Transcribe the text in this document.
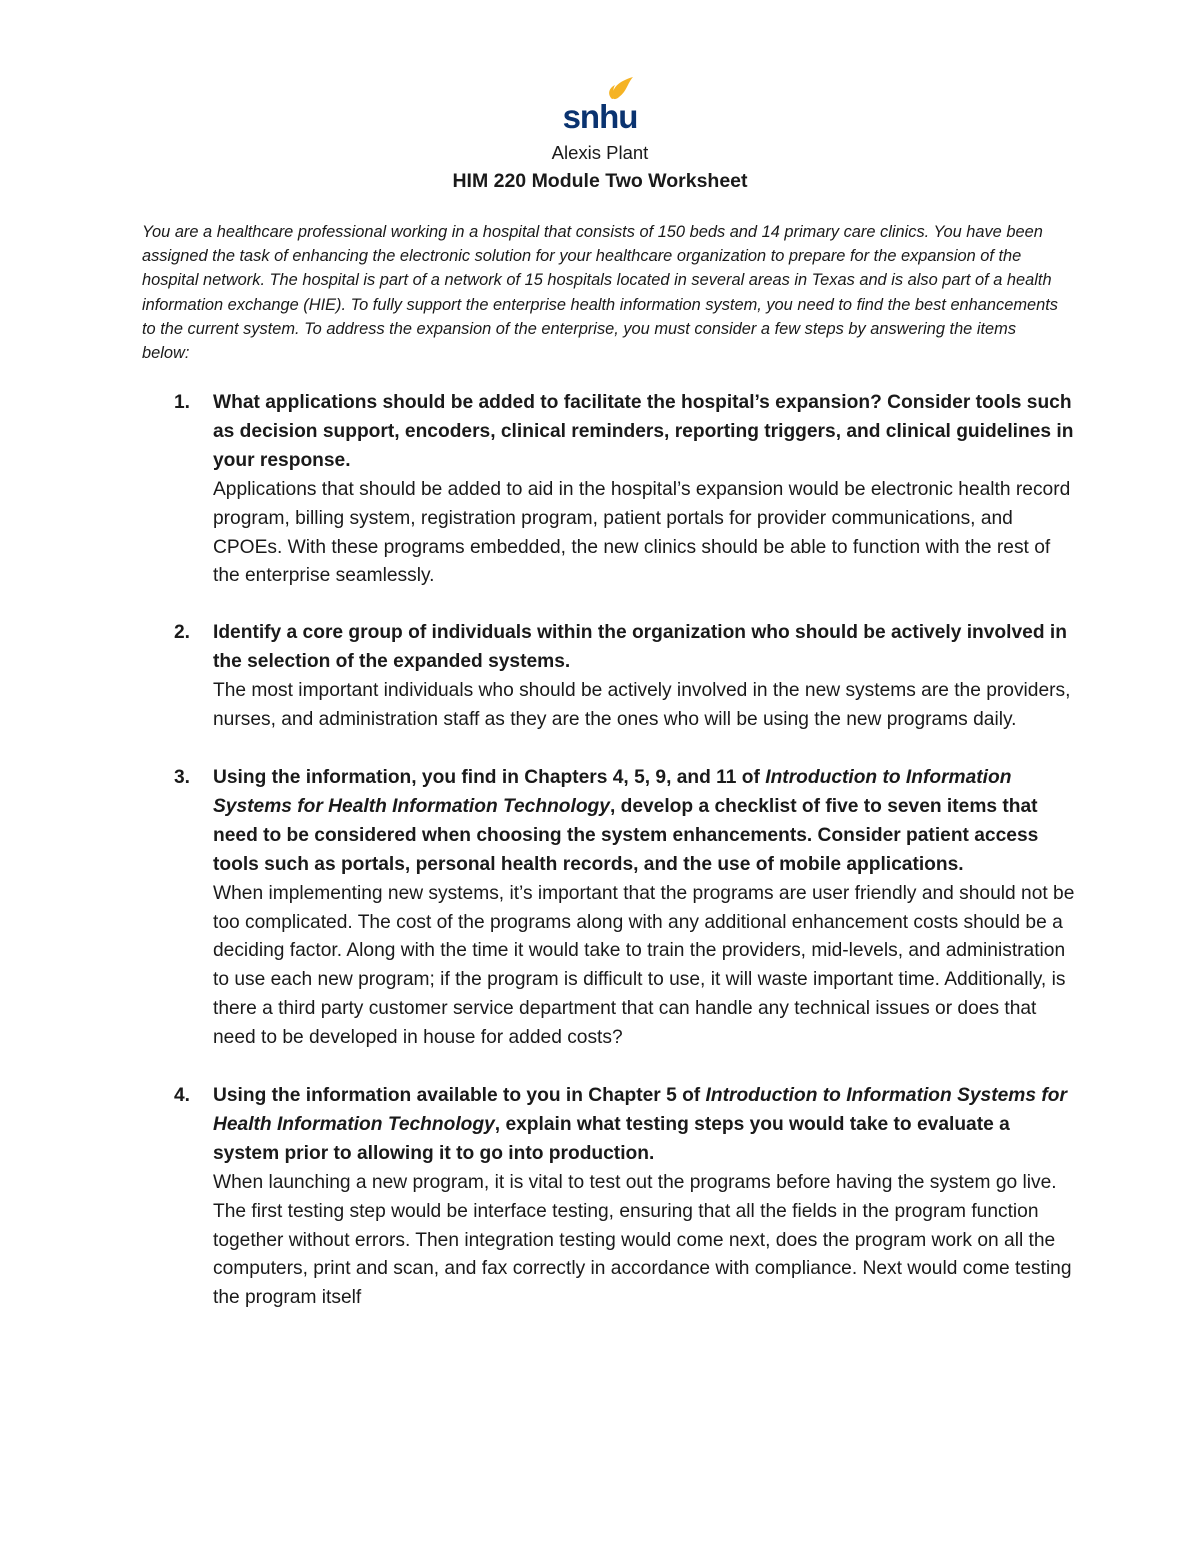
snhu
Alexis Plant
HIM 220 Module Two Worksheet

You are a healthcare professional working in a hospital that consists of 150 beds and 14 primary care clinics. You have been assigned the task of enhancing the electronic solution for your healthcare organization to prepare for the expansion of the hospital network. The hospital is part of a network of 15 hospitals located in several areas in Texas and is also part of a health information exchange (HIE). To fully support the enterprise health information system, you need to find the best enhancements to the current system. To address the expansion of the enterprise, you must consider a few steps by answering the items below:

1. What applications should be added to facilitate the hospital’s expansion? Consider tools such as decision support, encoders, clinical reminders, reporting triggers, and clinical guidelines in your response.
Applications that should be added to aid in the hospital’s expansion would be electronic health record program, billing system, registration program, patient portals for provider communications, and CPOEs. With these programs embedded, the new clinics should be able to function with the rest of the enterprise seamlessly.
2. Identify a core group of individuals within the organization who should be actively involved in the selection of the expanded systems.
The most important individuals who should be actively involved in the new systems are the providers, nurses, and administration staff as they are the ones who will be using the new programs daily.
3. Using the information, you find in Chapters 4, 5, 9, and 11 of Introduction to Information Systems for Health Information Technology, develop a checklist of five to seven items that need to be considered when choosing the system enhancements. Consider patient access tools such as portals, personal health records, and the use of mobile applications.
When implementing new systems, it’s important that the programs are user friendly and should not be too complicated. The cost of the programs along with any additional enhancement costs should be a deciding factor. Along with the time it would take to train the providers, mid-levels, and administration to use each new program; if the program is difficult to use, it will waste important time. Additionally, is there a third party customer service department that can handle any technical issues or does that need to be developed in house for added costs?
4. Using the information available to you in Chapter 5 of Introduction to Information Systems for Health Information Technology, explain what testing steps you would take to evaluate a system prior to allowing it to go into production.
When launching a new program, it is vital to test out the programs before having the system go live. The first testing step would be interface testing, ensuring that all the fields in the program function together without errors. Then integration testing would come next, does the program work on all the computers, print and scan, and fax correctly in accordance with compliance. Next would come testing the program itself
